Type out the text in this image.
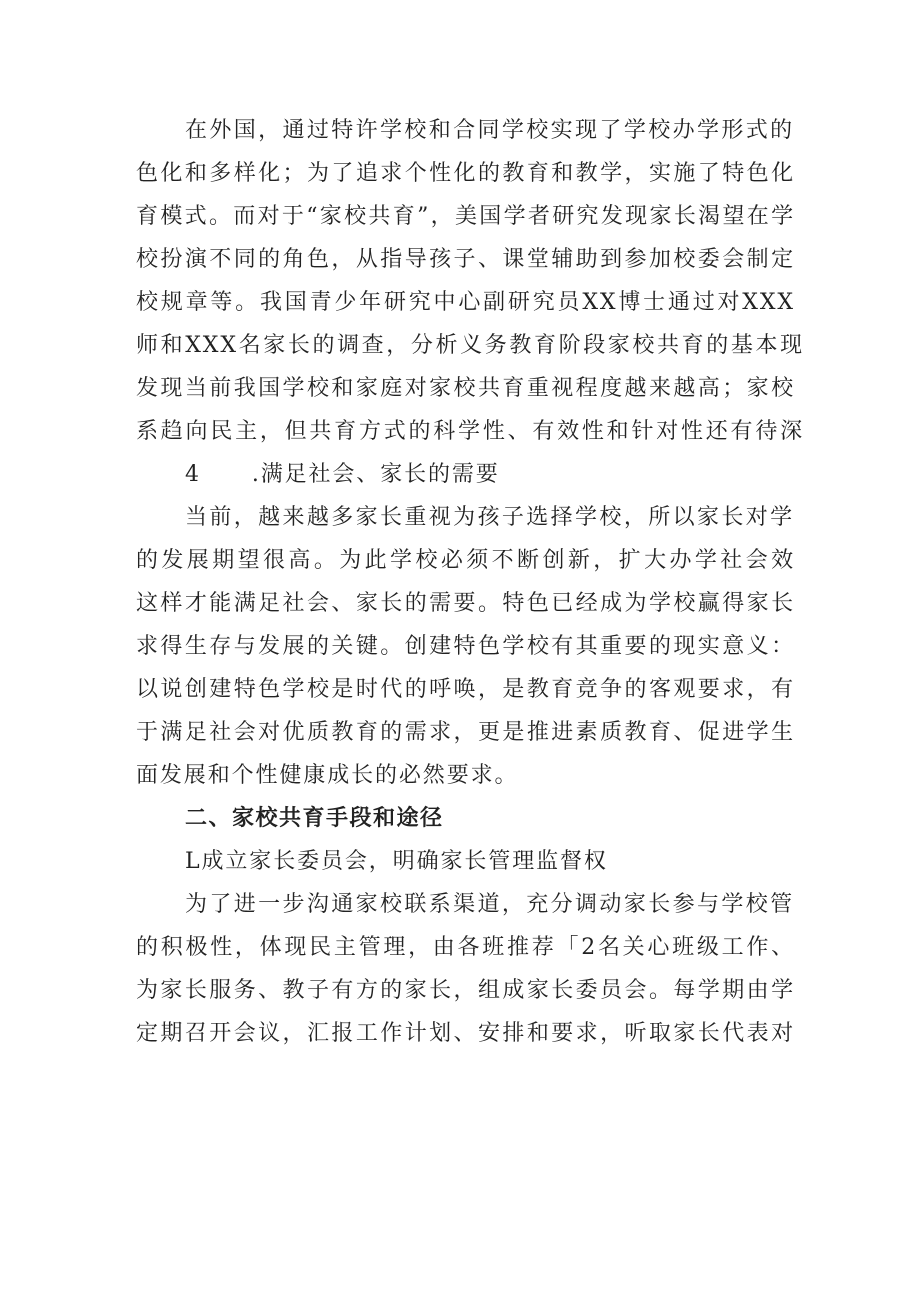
在外国，通过特许学校和合同学校实现了学校办学形式的
色化和多样化；为了追求个性化的教育和教学，实施了特色化
育模式。而对于“家校共育”，美国学者研究发现家长渴望在学
校扮演不同的角色，从指导孩子、课堂辅助到参加校委会制定
校规章等。我国青少年研究中心副研究员XX博士通过对XXX
师和XXX名家长的调查，分析义务教育阶段家校共育的基本现
发现当前我国学校和家庭对家校共育重视程度越来越高；家校
系趋向民主，但共育方式的科学性、有效性和针对性还有待深
4 .满足社会、家长的需要
当前，越来越多家长重视为孩子选择学校，所以家长对学
的发展期望很高。为此学校必须不断创新，扩大办学社会效
这样才能满足社会、家长的需要。特色已经成为学校赢得家长
求得生存与发展的关键。创建特色学校有其重要的现实意义：
以说创建特色学校是时代的呼唤，是教育竞争的客观要求，有
于满足社会对优质教育的需求，更是推进素质教育、促进学生
面发展和个性健康成长的必然要求。
二、家校共育手段和途径
L成立家长委员会，明确家长管理监督权
为了进一步沟通家校联系渠道，充分调动家长参与学校管
的积极性，体现民主管理，由各班推荐「2名关心班级工作、
为家长服务、教子有方的家长，组成家长委员会。每学期由学
定期召开会议，汇报工作计划、安排和要求，听取家长代表对
